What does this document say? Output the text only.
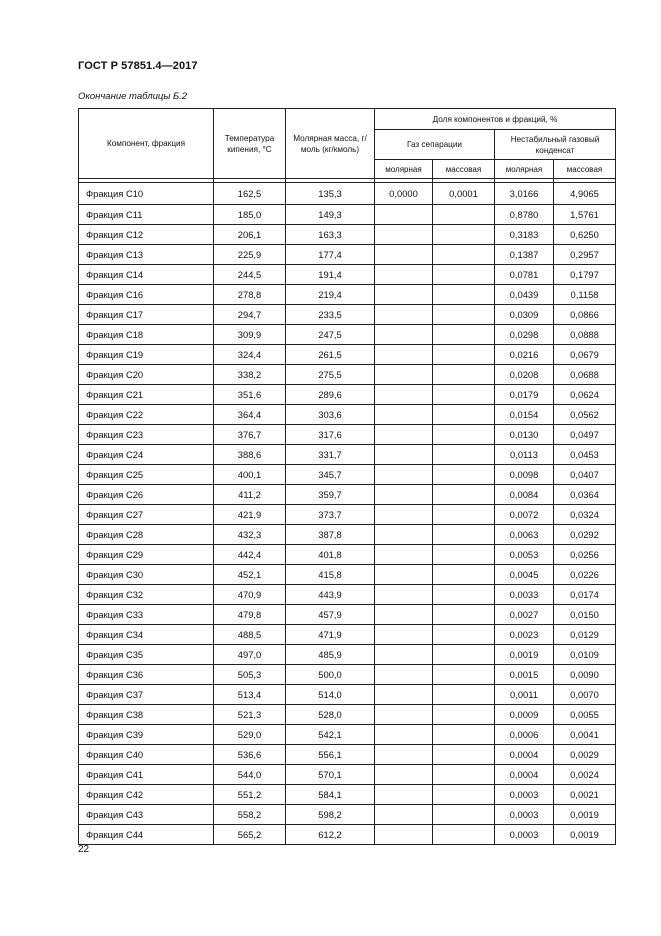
ГОСТ Р 57851.4—2017
Окончание таблицы Б.2
Компонент, фракция	Температура кипения, °С	Молярная масса, г/моль (кг/кмоль)	Доля компонентов и фракций, %			
			Газ сепарации		Нестабильный газовый конденсат	
			молярная	массовая	молярная	массовая

Фракция С10	162,5	135,3	0,0000	0,0001	3,0166	4,9065
Фракция С11	185,0	149,3			0,8780	1,5761
Фракция С12	206,1	163,3			0,3183	0,6250
Фракция С13	225,9	177,4			0,1387	0,2957
Фракция С14	244,5	191,4			0,0781	0,1797
Фракция С16	278,8	219,4			0,0439	0,1158
Фракция С17	294,7	233,5			0,0309	0,0866
Фракция С18	309,9	247,5			0,0298	0,0888
Фракция С19	324,4	261,5			0,0216	0,0679
Фракция С20	338,2	275,5			0,0208	0,0688
Фракция С21	351,6	289,6			0,0179	0,0624
Фракция С22	364,4	303,6			0,0154	0,0562
Фракция С23	376,7	317,6			0,0130	0,0497
Фракция С24	388,6	331,7			0,0113	0,0453
Фракция С25	400,1	345,7			0,0098	0,0407
Фракция С26	411,2	359,7			0,0084	0,0364
Фракция С27	421,9	373,7			0,0072	0,0324
Фракция С28	432,3	387,8			0,0063	0,0292
Фракция С29	442,4	401,8			0,0053	0,0256
Фракция С30	452,1	415,8			0,0045	0,0226
Фракция С32	470,9	443,9			0,0033	0,0174
Фракция С33	479,8	457,9			0,0027	0,0150
Фракция С34	488,5	471,9			0,0023	0,0129
Фракция С35	497,0	485,9			0,0019	0,0109
Фракция С36	505,3	500,0			0,0015	0,0090
Фракция С37	513,4	514,0			0,0011	0,0070
Фракция С38	521,3	528,0			0,0009	0,0055
Фракция С39	529,0	542,1			0,0006	0,0041
Фракция С40	536,6	556,1			0,0004	0,0029
Фракция С41	544,0	570,1			0,0004	0,0024
Фракция С42	551,2	584,1			0,0003	0,0021
Фракция С43	558,2	598,2			0,0003	0,0019
Фракция С44	565,2	612,2			0,0003	0,0019
22
